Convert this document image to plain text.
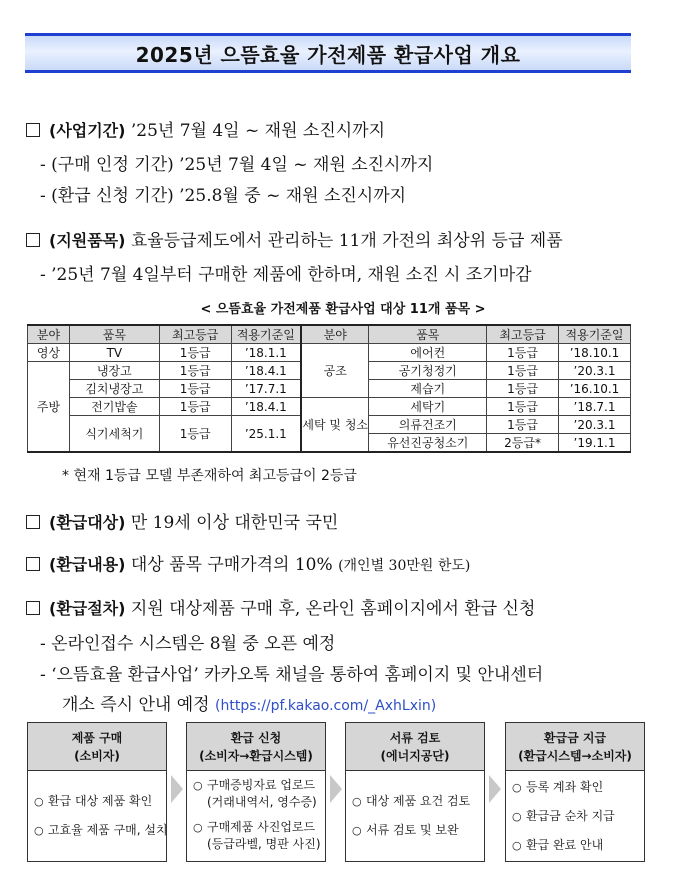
2025년 으뜸효율 가전제품 환급사업 개요
(사업기간) ’25년 7월 4일 ~ 재원 소진시까지
- (구매 인정 기간) ’25년 7월 4일 ~ 재원 소진시까지
- (환급 신청 기간) ’25.8월 중 ~ 재원 소진시까지
(지원품목) 효율등급제도에서 관리하는 11개 가전의 최상위 등급 제품
- ’25년 7월 4일부터 구매한 제품에 한하며, 재원 소진 시 조기마감
< 으뜸효율 가전제품 환급사업 대상 11개 품목 >
분야	품목	최고등급	적용기준일	분야	품목	최고등급	적용기준일
영상	TV	1등급	’18.1.1	공조	에어컨	1등급	’18.10.1
주방	냉장고	1등급	’18.4.1		공기청정기	1등급	’20.3.1
	김치냉장고	1등급	’17.7.1		제습기	1등급	’16.10.1
	전기밥솥	1등급	’18.4.1	세탁 및 청소	세탁기	1등급	’18.7.1
	식기세척기	1등급	’25.1.1		의류건조기	1등급	’20.3.1
					유선진공청소기	2등급*	’19.1.1
* 현재 1등급 모델 부존재하여 최고등급이 2등급
(환급대상) 만 19세 이상 대한민국 국민
(환급내용) 대상 품목 구매가격의 10% (개인별 30만원 한도)
(환급절차) 지원 대상제품 구매 후, 온라인 홈페이지에서 환급 신청
- 온라인접수 시스템은 8월 중 오픈 예정
- ‘으뜸효율 환급사업’ 카카오톡 채널을 통하여 홈페이지 및 안내센터
개소 즉시 안내 예정 (https://pf.kakao.com/_AxhLxin)
제품 구매
(소비자)
○ 환급 대상 제품 확인
○ 고효율 제품 구매, 설치
환급 신청
(소비자→환급시스템)
○ 구매증빙자료 업로드
(거래내역서, 영수증)
○ 구매제품 사진업로드
(등급라벨, 명판 사진)
서류 검토
(에너지공단)
○ 대상 제품 요건 검토
○ 서류 검토 및 보완
환급금 지급
(환급시스템→소비자)
○ 등록 계좌 확인
○ 환급금 순차 지급
○ 환급 완료 안내
